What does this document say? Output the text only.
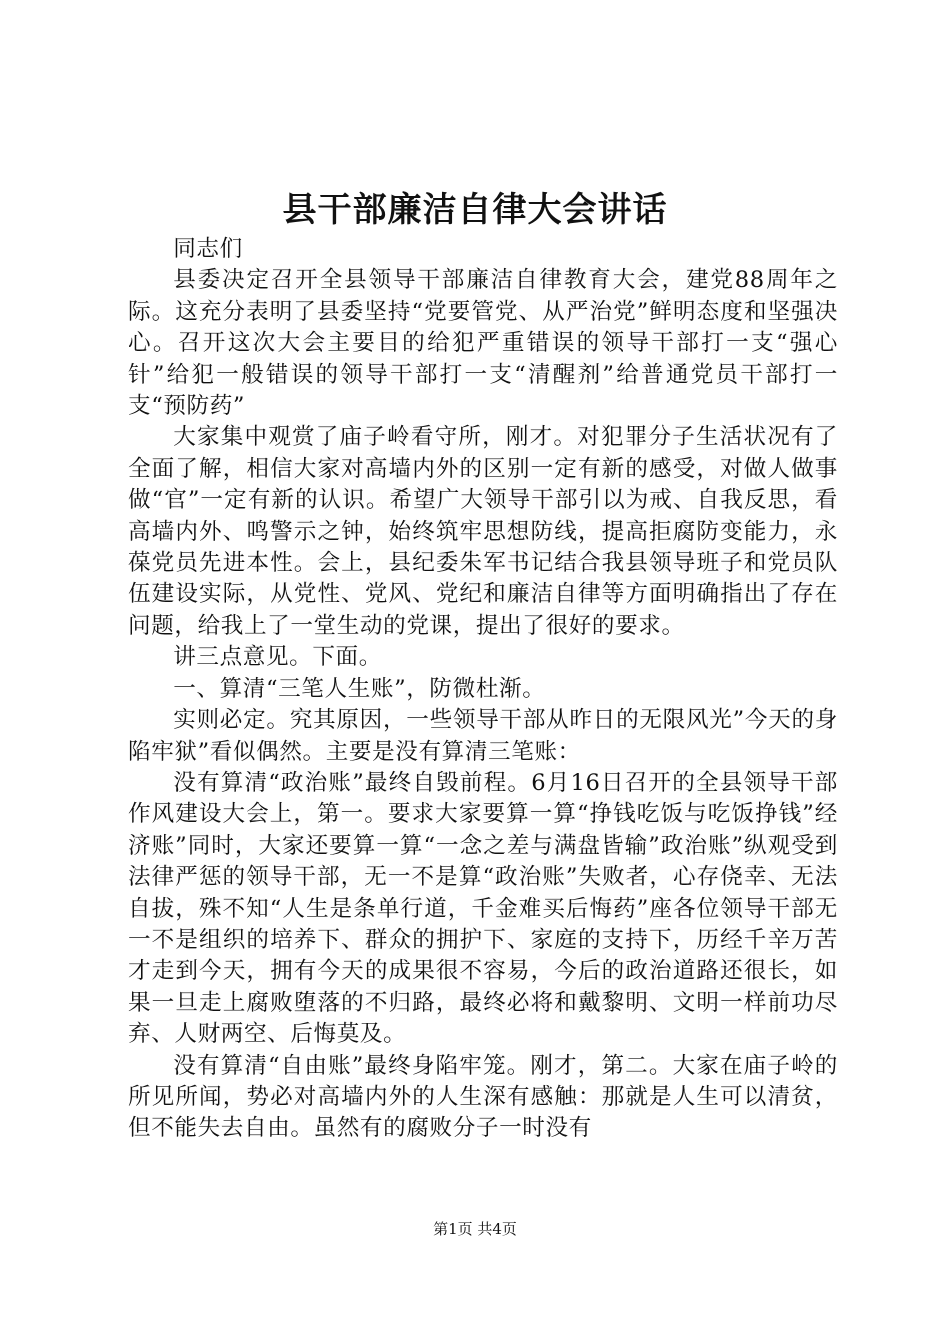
县干部廉洁自律大会讲话

同志们

县委决定召开全县领导干部廉洁自律教育大会，建党88周年之际。这充分表明了县委坚持“党要管党、从严治党”鲜明态度和坚强决心。召开这次大会主要目的给犯严重错误的领导干部打一支“强心针”给犯一般错误的领导干部打一支“清醒剂”给普通党员干部打一支“预防药”

大家集中观赏了庙子岭看守所，刚才。对犯罪分子生活状况有了全面了解，相信大家对高墙内外的区别一定有新的感受，对做人做事做“官”一定有新的认识。希望广大领导干部引以为戒、自我反思，看高墙内外、鸣警示之钟，始终筑牢思想防线，提高拒腐防变能力，永葆党员先进本性。会上，县纪委朱军书记结合我县领导班子和党员队伍建设实际，从党性、党风、党纪和廉洁自律等方面明确指出了存在问题，给我上了一堂生动的党课，提出了很好的要求。

讲三点意见。下面。

一、算清“三笔人生账”，防微杜渐。

实则必定。究其原因，一些领导干部从昨日的无限风光”今天的身陷牢狱”看似偶然。主要是没有算清三笔账：

没有算清“政治账”最终自毁前程。6月16日召开的全县领导干部作风建设大会上，第一。要求大家要算一算“挣钱吃饭与吃饭挣钱”经济账”同时，大家还要算一算“一念之差与满盘皆输”政治账”纵观受到法律严惩的领导干部，无一不是算“政治账”失败者，心存侥幸、无法自拔，殊不知“人生是条单行道，千金难买后悔药”座各位领导干部无一不是组织的培养下、群众的拥护下、家庭的支持下，历经千辛万苦才走到今天，拥有今天的成果很不容易，今后的政治道路还很长，如果一旦走上腐败堕落的不归路，最终必将和戴黎明、文明一样前功尽弃、人财两空、后悔莫及。

没有算清“自由账”最终身陷牢笼。刚才，第二。大家在庙子岭的所见所闻，势必对高墙内外的人生深有感触：那就是人生可以清贫，但不能失去自由。虽然有的腐败分子一时没有

第1页 共4页
